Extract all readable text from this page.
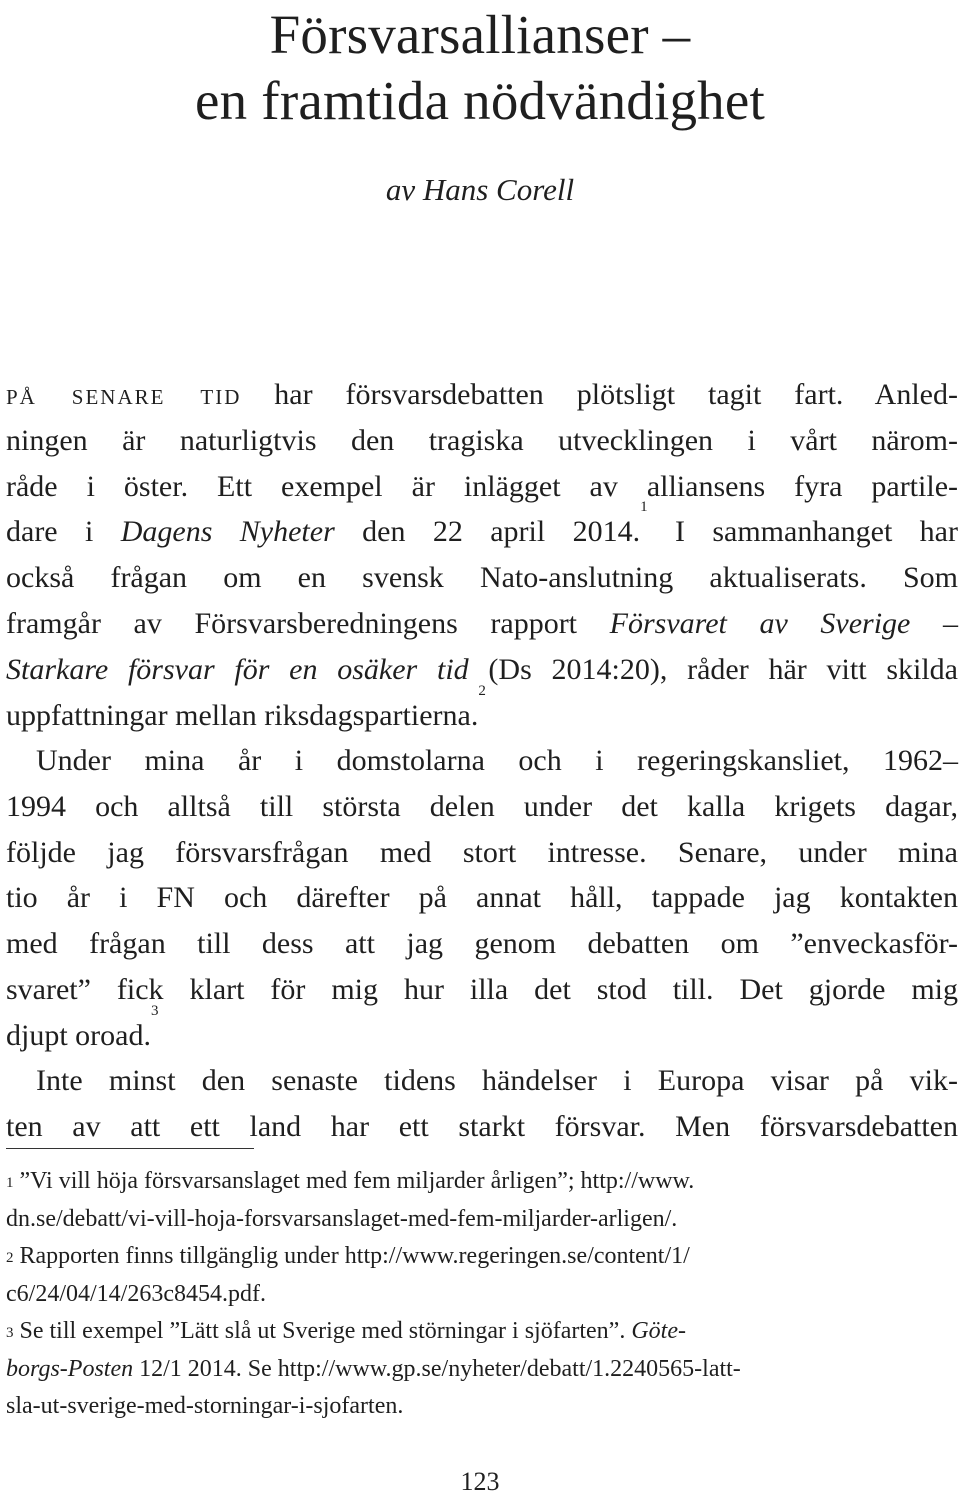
Försvarsallianser –
en framtida nödvändighet
av Hans Corell
på senare tid har försvarsdebatten plötsligt tagit fart. Anled-
ningen är naturligtvis den tragiska utvecklingen i vårt närom-
råde i öster. Ett exempel är inlägget av alliansens fyra partile-
dare i Dagens Nyheter den 22 april 2014.$^1$ I sammanhanget har
också frågan om en svensk Nato-anslutning aktualiserats. Som
framgår av Försvarsberedningens rapport Försvaret av Sverige –
Starkare försvar för en osäker tid (Ds 2014:20), råder här vitt skilda
uppfattningar mellan riksdagspartierna.$^2$
Under mina år i domstolarna och i regeringskansliet, 1962–
1994 och alltså till största delen under det kalla krigets dagar,
följde jag försvarsfrågan med stort intresse. Senare, under mina
tio år i FN och därefter på annat håll, tappade jag kontakten
med frågan till dess att jag genom debatten om ”enveckasför-
svaret” fick klart för mig hur illa det stod till. Det gjorde mig
djupt oroad.$^3$
Inte minst den senaste tidens händelser i Europa visar på vik-
ten av att ett land har ett starkt försvar. Men försvarsdebatten
$^1$ ”Vi vill höja försvarsanslaget med fem miljarder årligen”; http://www.
dn.se/debatt/vi-vill-hoja-forsvarsanslaget-med-fem-miljarder-arligen/.
$^2$ Rapporten finns tillgänglig under http://www.regeringen.se/content/1/
c6/24/04/14/263c8454.pdf.
$^3$ Se till exempel ”Lätt slå ut Sverige med störningar i sjöfarten”. Göte-
borgs-Posten 12/1 2014. Se http://www.gp.se/nyheter/debatt/1.2240565-latt-
sla-ut-sverige-med-storningar-i-sjofarten.
123
